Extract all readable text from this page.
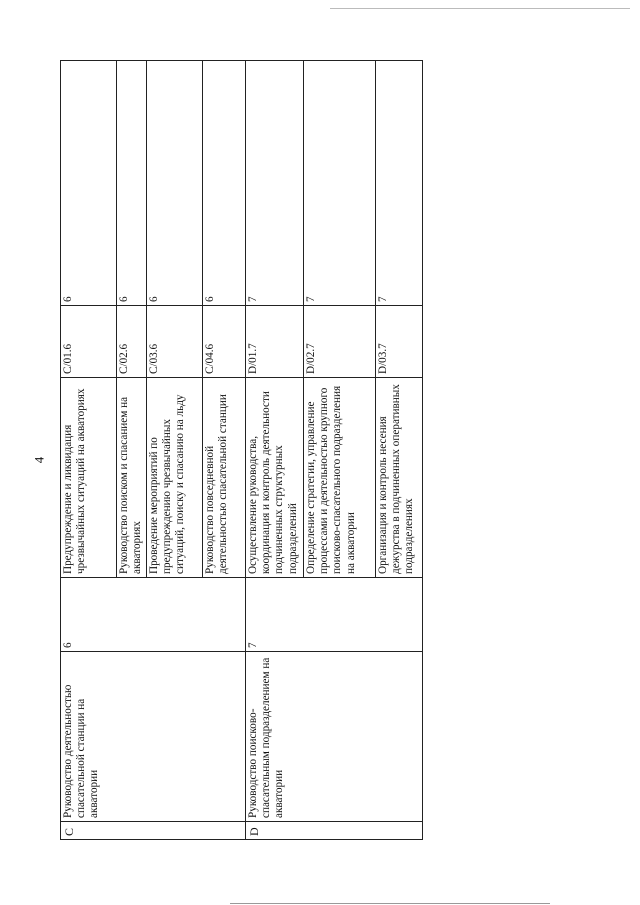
4
C	Руководство деятельностью спасательной станции на акватории	6	Предупреждение и ликвидация чрезвычайных ситуаций на акваториях	C/01.6	6
			Руководство поиском и спасанием на акваториях	C/02.6	6
			Проведение мероприятий по предупреждению чрезвычайных ситуаций, поиску и спасанию на льду	C/03.6	6
			Руководство повседневной деятельностью спасательной станции	C/04.6	6
D	Руководство поисково-спасательным подразделением на акватории	7	Осуществление руководства, координация и контроль деятельности подчиненных структурных подразделений	D/01.7	7
			Определение стратегии, управление процессами и деятельностью крупного поисково-спасательного подразделения на акватории	D/02.7	7
			Организация и контроль несения дежурства в подчиненных оперативных подразделениях	D/03.7	7
